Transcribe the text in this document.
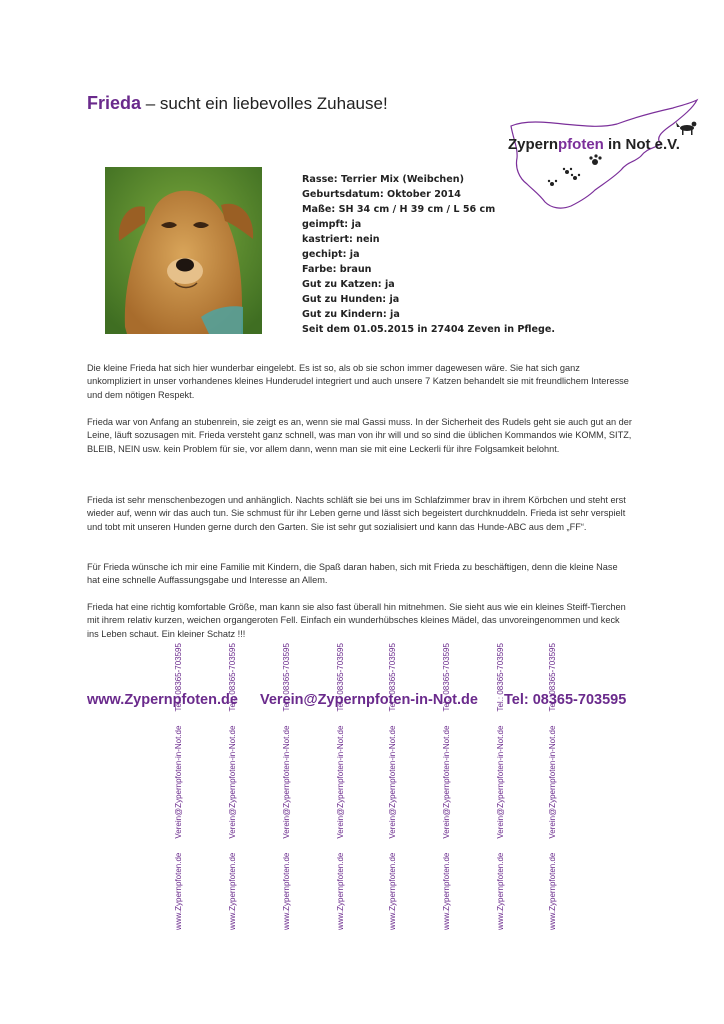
Frieda – sucht ein liebevolles Zuhause!
Zypernpfoten in Not e.V.
Rasse: Terrier Mix (Weibchen)
Geburtsdatum: Oktober 2014
Maße: SH 34 cm / H 39 cm / L 56 cm
geimpft: ja
kastriert: nein
gechipt: ja
Farbe: braun
Gut zu Katzen: ja
Gut zu Hunden: ja
Gut zu Kindern: ja
Seit dem 01.05.2015 in 27404 Zeven in Pflege.
Die kleine Frieda hat sich hier wunderbar eingelebt. Es ist so, als ob sie schon immer dagewesen wäre. Sie hat sich ganz unkompliziert in unser vorhandenes kleines Hunderudel integriert und auch unsere 7 Katzen behandelt sie mit freundlichem Interesse und dem nötigen Respekt.
Frieda war von Anfang an stubenrein, sie zeigt es an, wenn sie mal Gassi muss. In der Sicherheit des Rudels geht sie auch gut an der Leine, läuft sozusagen mit. Frieda versteht ganz schnell, was man von ihr will und so sind die üblichen Kommandos wie KOMM, SITZ, BLEIB, NEIN usw. kein Problem für sie, vor allem dann, wenn man sie mit eine Leckerli für ihre Folgsamkeit belohnt.
Frieda ist sehr menschenbezogen und anhänglich. Nachts schläft sie bei uns im Schlafzimmer brav in ihrem Körbchen und steht erst wieder auf, wenn wir das auch tun. Sie schmust für ihr Leben gerne und lässt sich begeistert durchknuddeln. Frieda ist sehr verspielt und tobt mit unseren Hunden gerne durch den Garten. Sie ist sehr gut sozialisiert und kann das Hunde-ABC aus dem „FF“.
Für Frieda wünsche ich mir eine Familie mit Kindern, die Spaß daran haben, sich mit Frieda zu beschäftigen, denn die kleine Nase hat eine schnelle Auffassungsgabe und Interesse an Allem.
Frieda hat eine richtig komfortable Größe, man kann sie also fast überall hin mitnehmen. Sie sieht aus wie ein kleines Steiff-Tierchen mit ihrem relativ kurzen, weichen organgeroten Fell. Einfach ein wunderhübsches kleines Mädel, das unvoreingenommen und keck ins Leben schaut. Ein kleiner Schatz !!!
www.Zypernpfoten.de Verein@Zypernpfoten-in-Not.de Tel: 08365-703595
www.Zypernpfoten.deVerein@Zypernpfoten-in-Not.deTel.: 08365-703595
www.Zypernpfoten.deVerein@Zypernpfoten-in-Not.deTel.: 08365-703595
www.Zypernpfoten.deVerein@Zypernpfoten-in-Not.deTel.: 08365-703595
www.Zypernpfoten.deVerein@Zypernpfoten-in-Not.deTel.: 08365-703595
www.Zypernpfoten.deVerein@Zypernpfoten-in-Not.deTel.: 08365-703595
www.Zypernpfoten.deVerein@Zypernpfoten-in-Not.deTel.: 08365-703595
www.Zypernpfoten.deVerein@Zypernpfoten-in-Not.deTel.: 08365-703595
www.Zypernpfoten.deVerein@Zypernpfoten-in-Not.deTel.: 08365-703595
